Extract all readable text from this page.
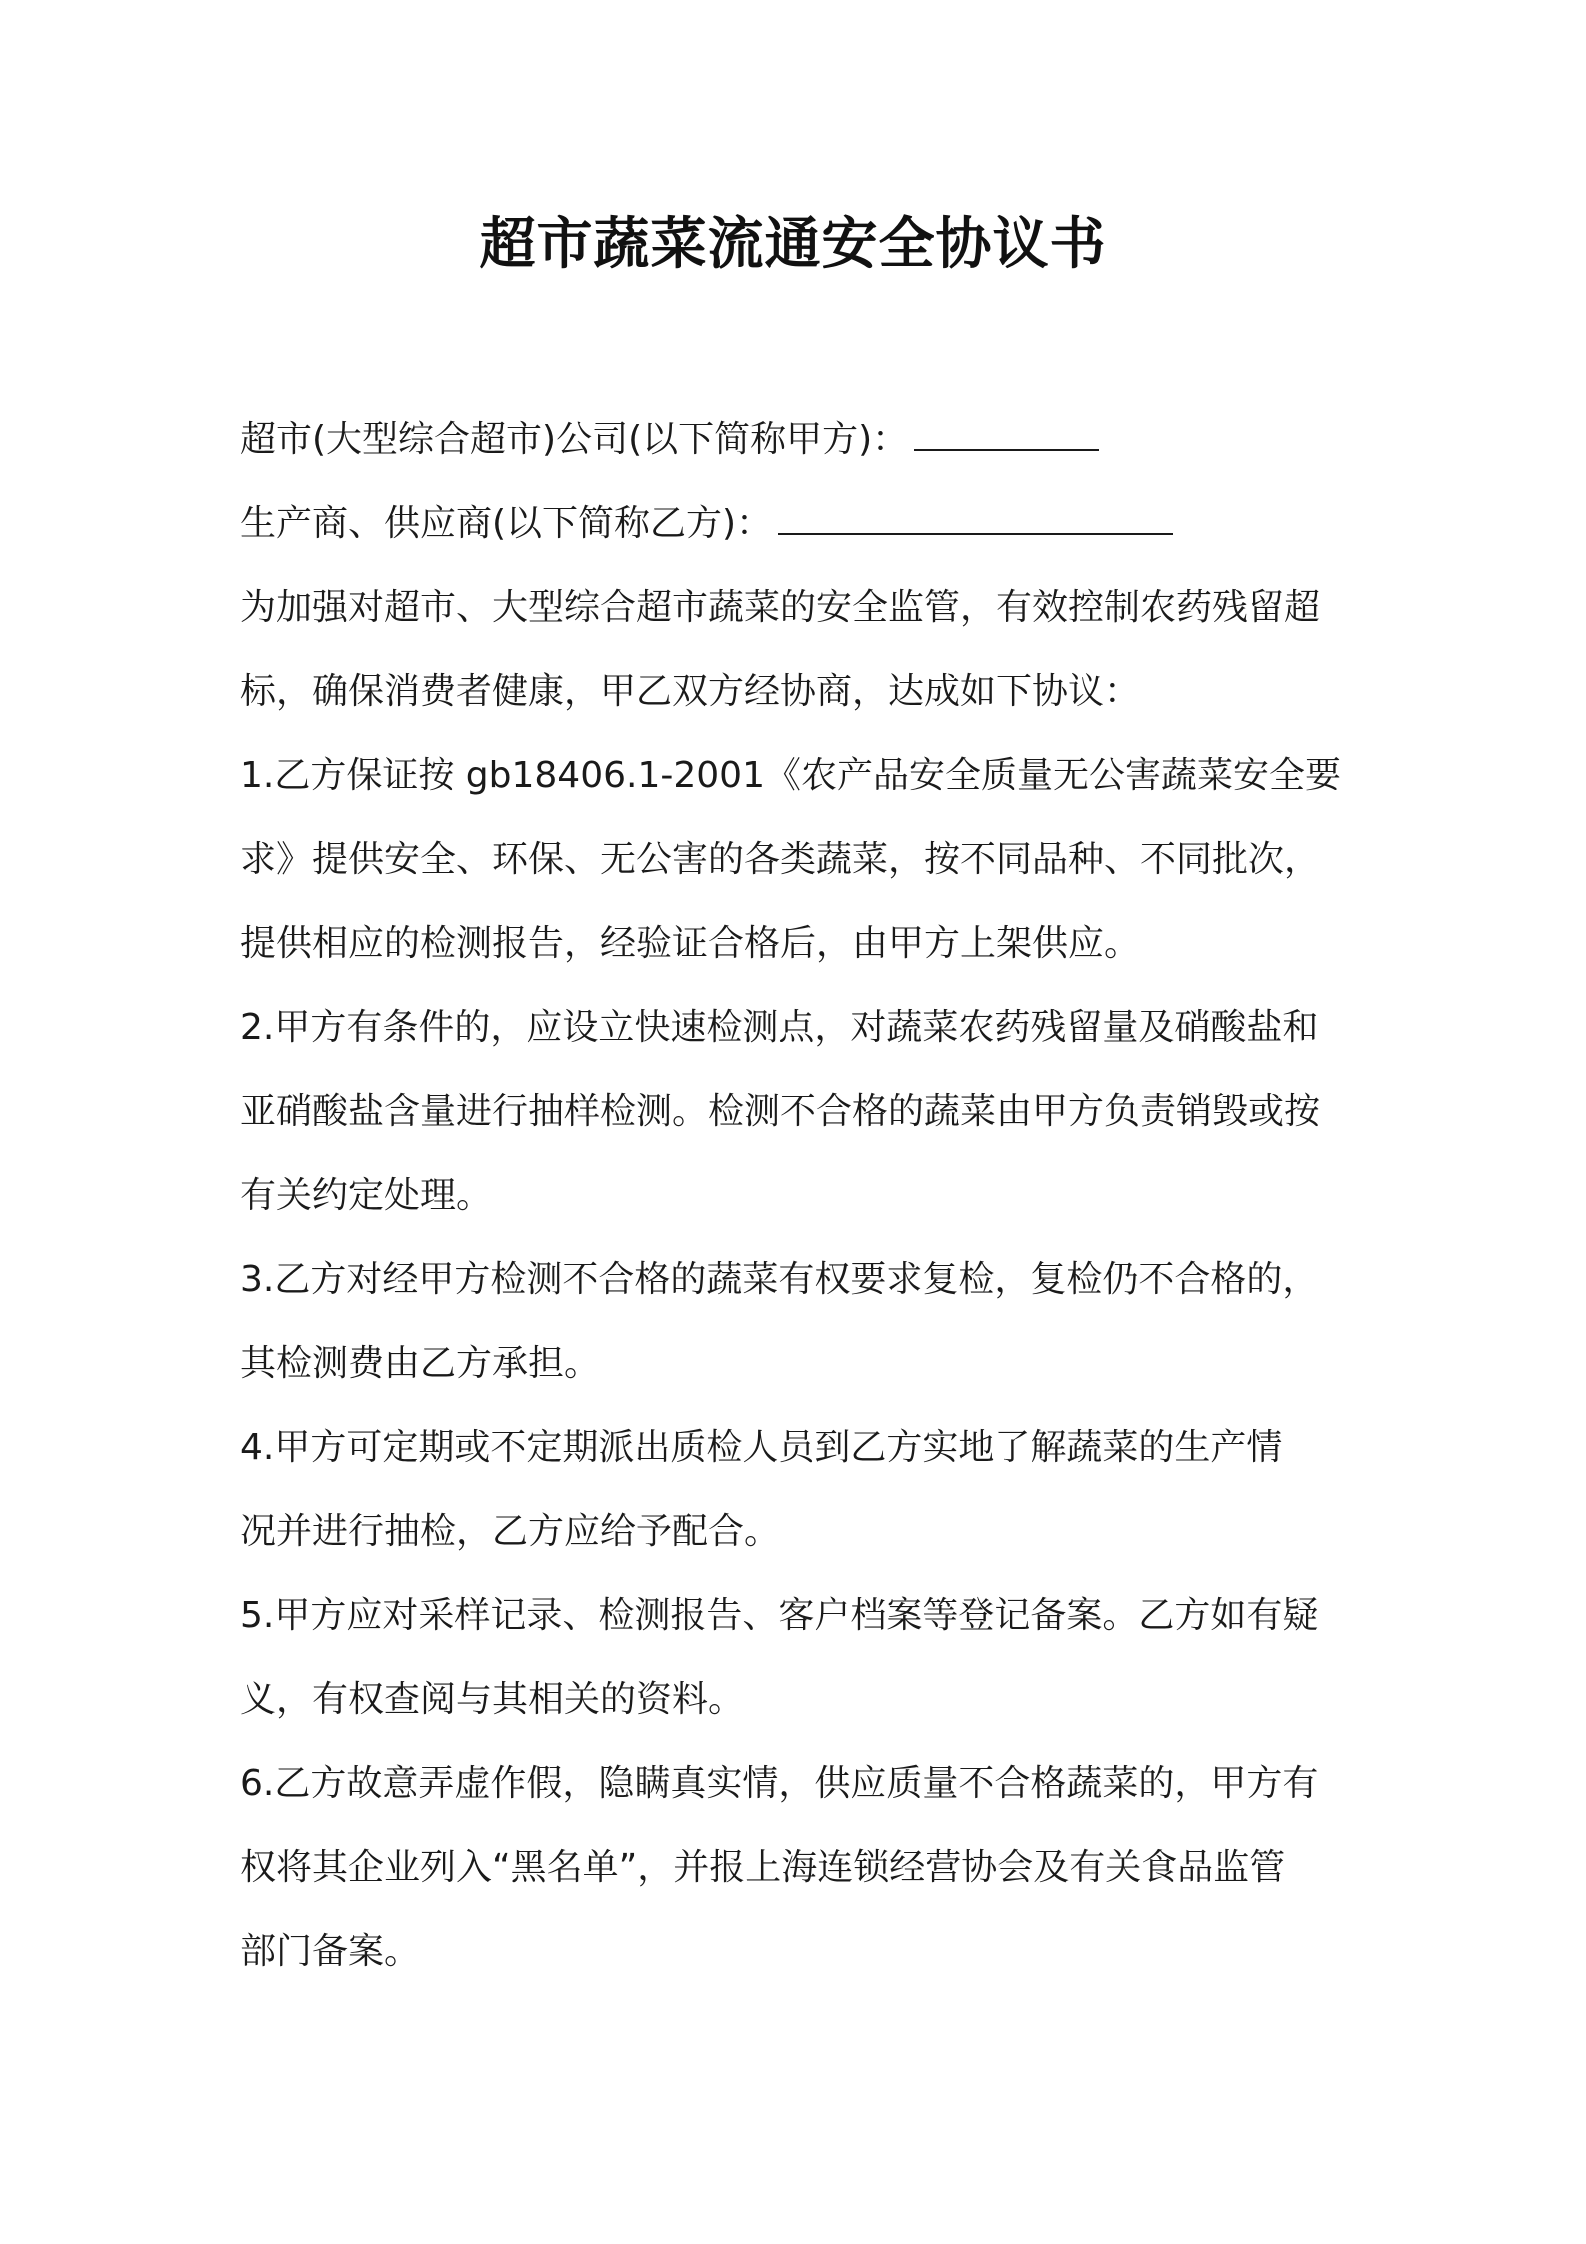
超市蔬菜流通安全协议书
超市(大型综合超市)公司(以下简称甲方)：
生产商、供应商(以下简称乙方)：
为加强对超市、大型综合超市蔬菜的安全监管，有效控制农药残留超
标，确保消费者健康，甲乙双方经协商，达成如下协议：
1.乙方保证按 gb18406.1-2001《农产品安全质量无公害蔬菜安全要
求》提供安全、环保、无公害的各类蔬菜，按不同品种、不同批次，
提供相应的检测报告，经验证合格后，由甲方上架供应。
2.甲方有条件的，应设立快速检测点，对蔬菜农药残留量及硝酸盐和
亚硝酸盐含量进行抽样检测。检测不合格的蔬菜由甲方负责销毁或按
有关约定处理。
3.乙方对经甲方检测不合格的蔬菜有权要求复检，复检仍不合格的，
其检测费由乙方承担。
4.甲方可定期或不定期派出质检人员到乙方实地了解蔬菜的生产情
况并进行抽检，乙方应给予配合。
5.甲方应对采样记录、检测报告、客户档案等登记备案。乙方如有疑
义，有权查阅与其相关的资料。
6.乙方故意弄虚作假，隐瞒真实情，供应质量不合格蔬菜的，甲方有
权将其企业列入“黑名单”，并报上海连锁经营协会及有关食品监管
部门备案。
